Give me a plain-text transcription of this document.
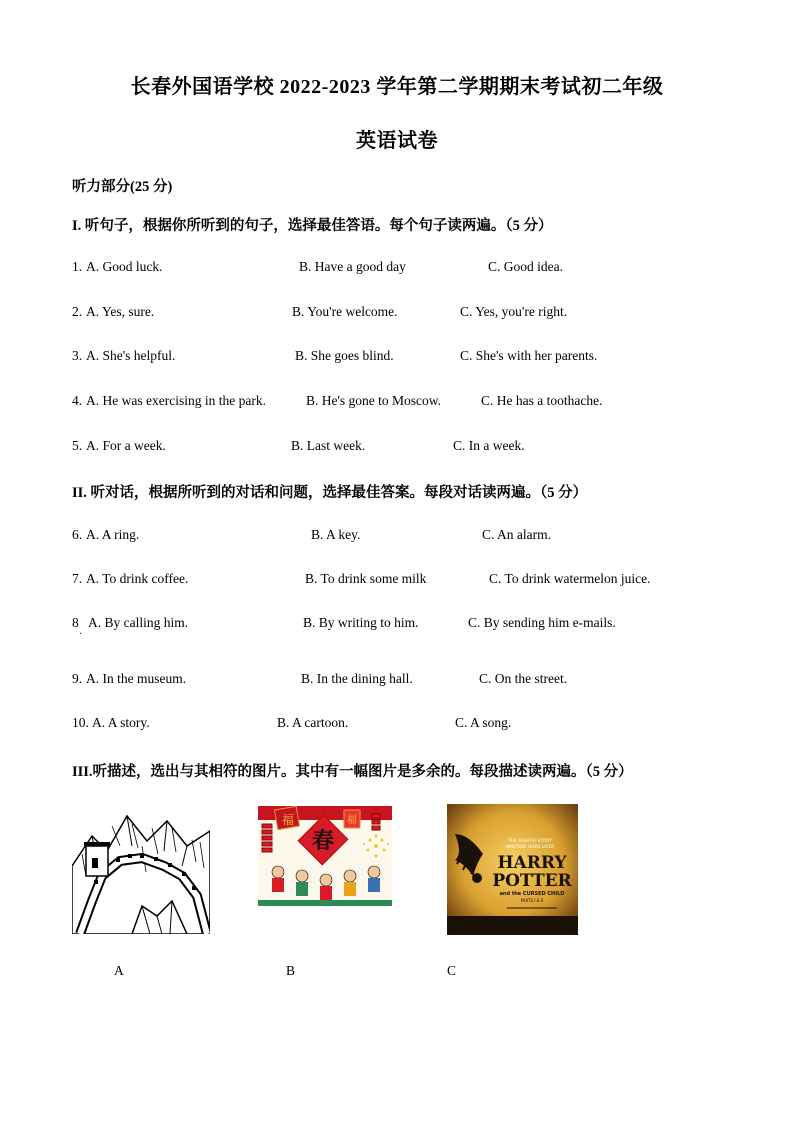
长春外国语学校 2022-2023 学年第二学期期末考试初二年级
英语试卷
听力部分(25 分)
I. 听句子，根据你所听到的句子，选择最佳答语。每个句子读两遍。（5 分）
1. A. Good luck.	B. Have a good day	C. Good idea.
2. A. Yes, sure.	B. You're welcome.	C. Yes, you're right.
3. A. She's helpful.	B. She goes blind.	C. She's with her parents.
4. A. He was exercising in the park.	B. He's gone to Moscow.	C. He has a toothache.
5. A. For a week.	B. Last week.	C. In a week.
II. 听对话，根据所听到的对话和问题，选择最佳答案。每段对话读两遍。（5 分）
6. A. A ring.	B. A key.	C. An alarm.
7. A. To drink coffee.	B. To drink some milk	C. To drink watermelon juice.
8 A. By calling him.	B. By writing to him.	C. By sending him e-mails.
·
9. A. In the museum.	B. In the dining hall.	C. On the street.
10. A. A story.	B. A cartoon.	C. A song.
III.听描述，选出与其相符的图片。其中有一幅图片是多余的。每段描述读两遍。（5 分）
A
福
春
福
B
THE EIGHTH STORY
NINETEEN YEARS LATER
HARRY
POTTER
and the CURSED CHILD
PARTS I & II
C
